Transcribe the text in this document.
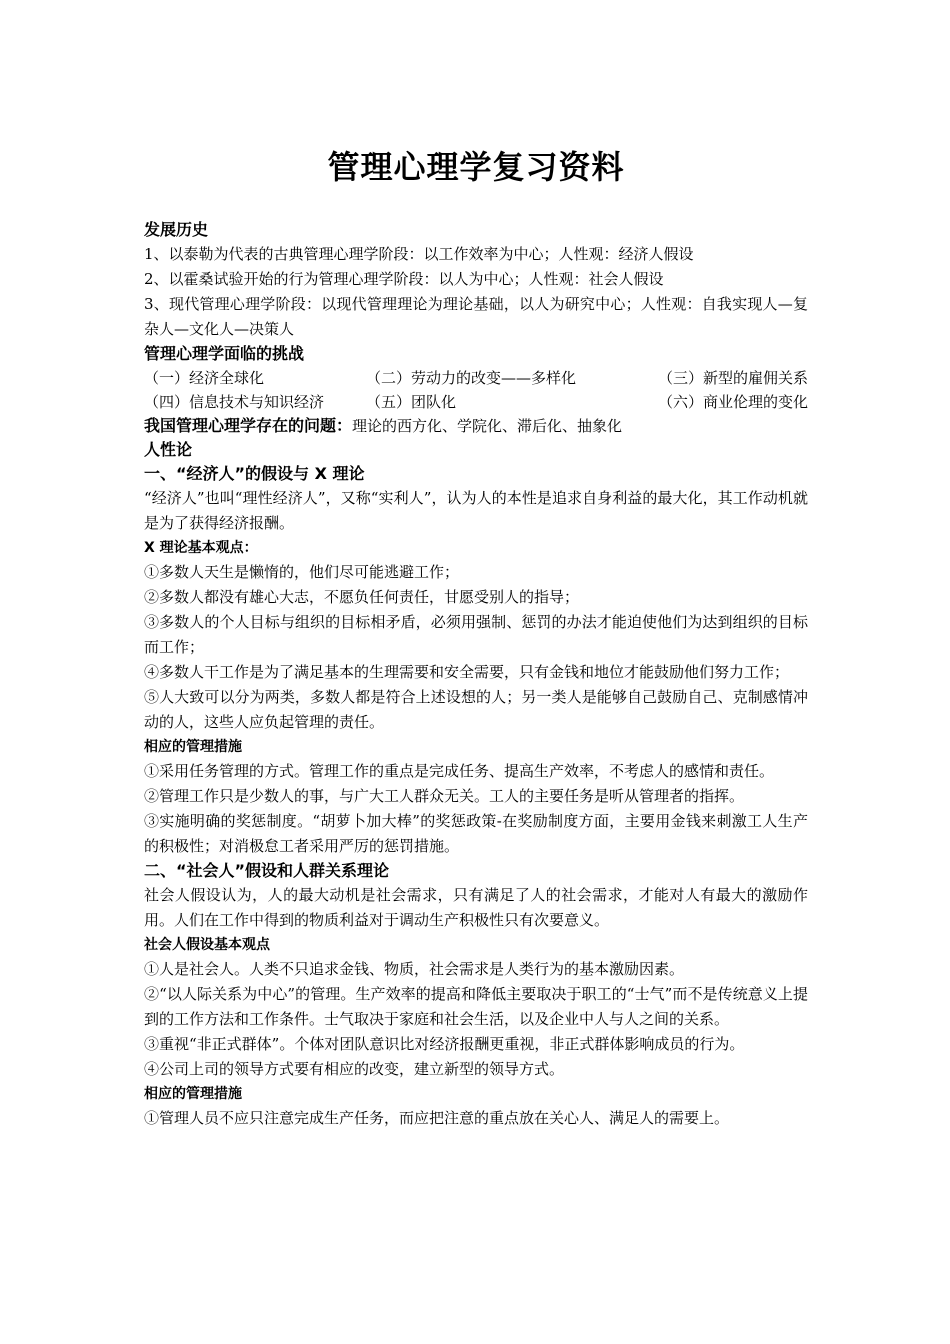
管理心理学复习资料

发展历史

1、以泰勒为代表的古典管理心理学阶段：以工作效率为中心；人性观：经济人假设

2、以霍桑试验开始的行为管理心理学阶段：以人为中心；人性观：社会人假设

3、现代管理心理学阶段：以现代管理理论为理论基础，以人为研究中心；人性观：自我实现人—复杂人—文化人—决策人

管理心理学面临的挑战

（一）经济全球化	（二）劳动力的改变——多样化	（三）新型的雇佣关系
（四）信息技术与知识经济	（五）团队化	（六）商业伦理的变化

我国管理心理学存在的问题：理论的西方化、学院化、滞后化、抽象化

人性论

一、“经济人”的假设与 X 理论

“经济人”也叫“理性经济人”，又称“实利人”，认为人的本性是追求自身利益的最大化，其工作动机就是为了获得经济报酬。

X 理论基本观点：

①多数人天生是懒惰的，他们尽可能逃避工作；

②多数人都没有雄心大志，不愿负任何责任，甘愿受别人的指导；

③多数人的个人目标与组织的目标相矛盾，必须用强制、惩罚的办法才能迫使他们为达到组织的目标而工作；

④多数人干工作是为了满足基本的生理需要和安全需要，只有金钱和地位才能鼓励他们努力工作；

⑤人大致可以分为两类，多数人都是符合上述设想的人；另一类人是能够自己鼓励自己、克制感情冲动的人，这些人应负起管理的责任。

相应的管理措施

①采用任务管理的方式。管理工作的重点是完成任务、提高生产效率，不考虑人的感情和责任。

②管理工作只是少数人的事，与广大工人群众无关。工人的主要任务是听从管理者的指挥。

③实施明确的奖惩制度。“胡萝卜加大棒”的奖惩政策-在奖励制度方面，主要用金钱来刺激工人生产的积极性；对消极怠工者采用严厉的惩罚措施。

二、“社会人”假设和人群关系理论

社会人假设认为，人的最大动机是社会需求，只有满足了人的社会需求，才能对人有最大的激励作用。人们在工作中得到的物质利益对于调动生产积极性只有次要意义。

社会人假设基本观点

①人是社会人。人类不只追求金钱、物质，社会需求是人类行为的基本激励因素。

②“以人际关系为中心”的管理。生产效率的提高和降低主要取决于职工的“士气”而不是传统意义上提到的工作方法和工作条件。士气取决于家庭和社会生活，以及企业中人与人之间的关系。

③重视“非正式群体”。个体对团队意识比对经济报酬更重视，非正式群体影响成员的行为。

④公司上司的领导方式要有相应的改变，建立新型的领导方式。

相应的管理措施

①管理人员不应只注意完成生产任务，而应把注意的重点放在关心人、满足人的需要上。
